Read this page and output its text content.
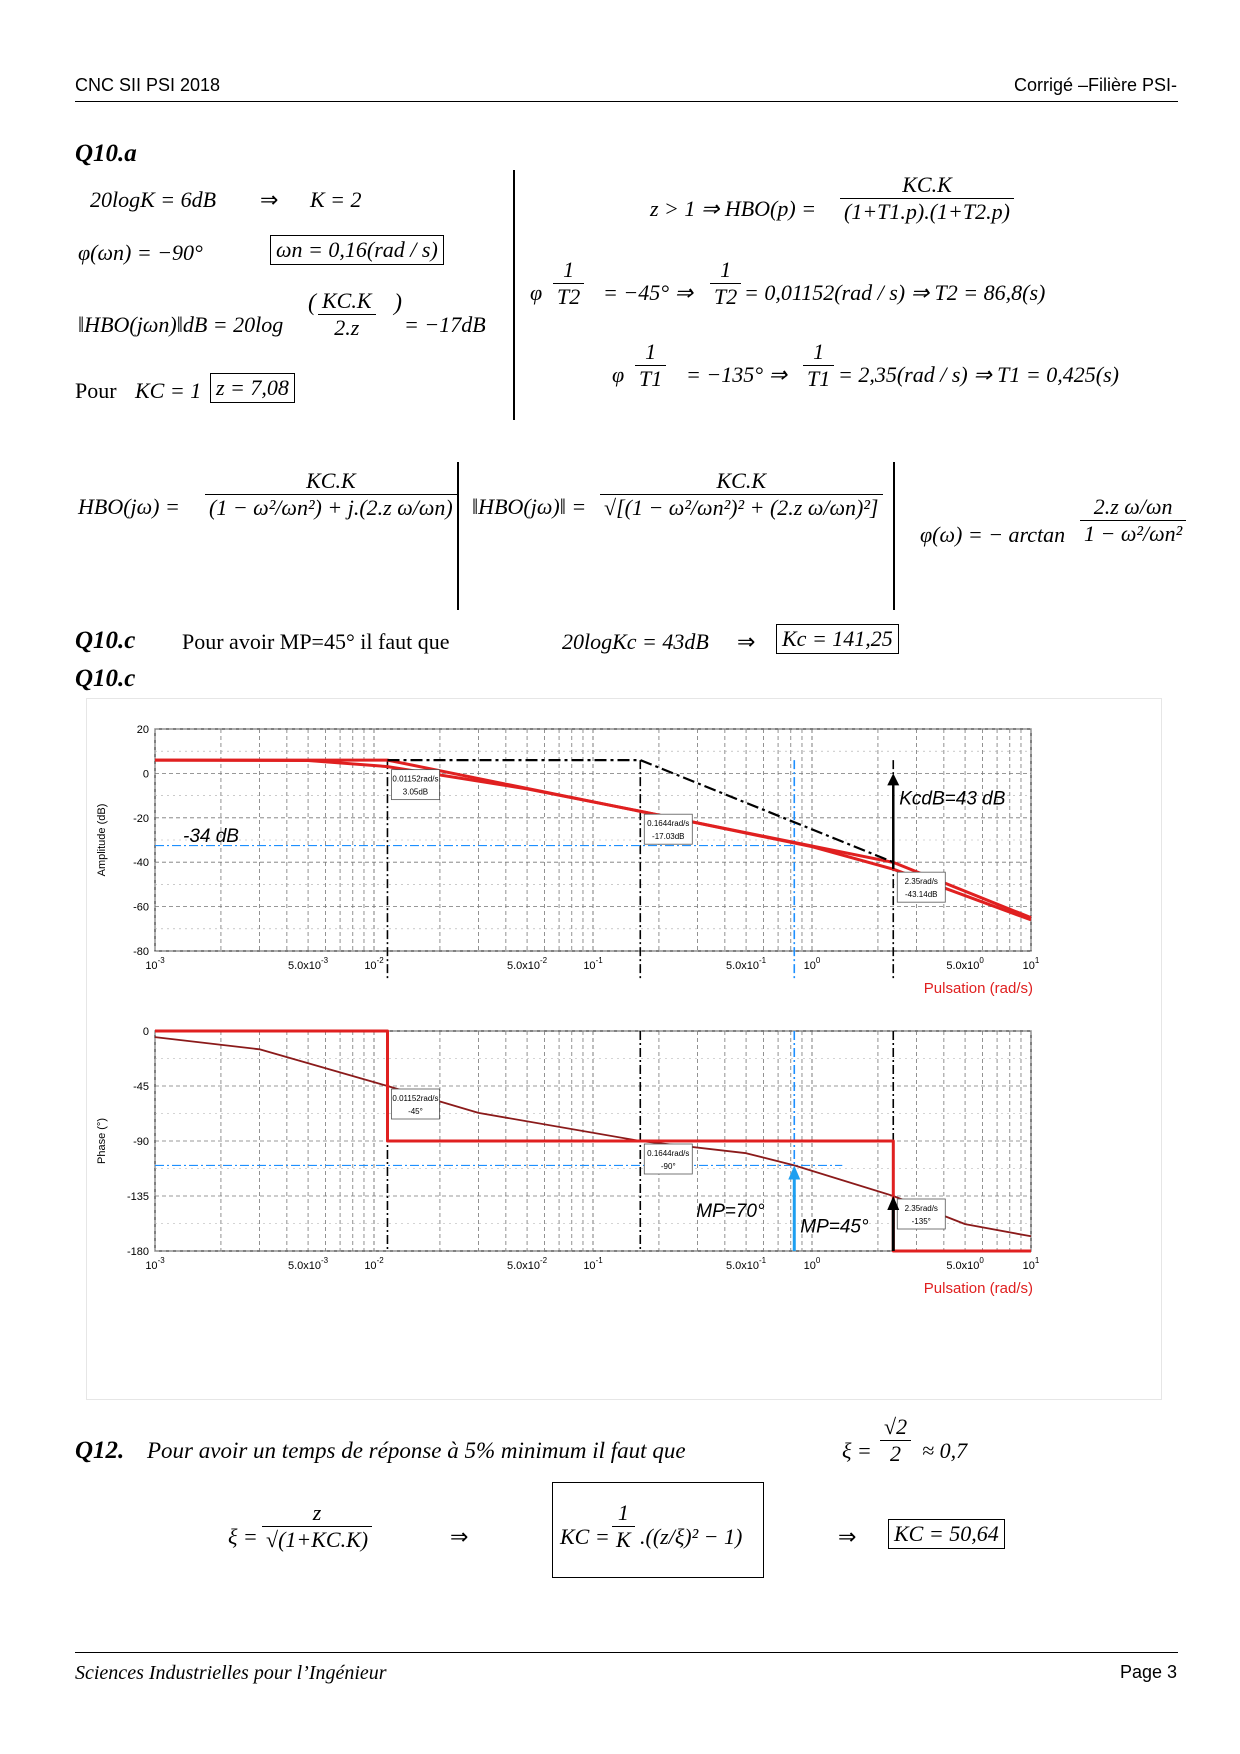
CNC SII PSI 2018	Corrigé –Filière PSI-
Q10.a
20logK = 6dB ⇒ K = 2
φ(ωn) = −90°	ωn = 0,16(rad / s)
‖HBO(jωn)‖dB = 20log
( $\frac{KC.K}{2.z}$ )
= −17dB
Pour KC = 1 z = 7,08
z > 1 ⇒ $HBO(p) = \frac{KC.K}{(1+T1.p).(1+T2.p)}$
φ $\frac{1}{T2} = -45^\circ$ ⇒ $\frac{1}{T2} = 0,01152(rad / s)$ ⇒ T2 = 86,8(s)
φ $\frac{1}{T1} = -135^\circ$ ⇒ $\frac{1}{T1} = 2,35(rad / s)$ ⇒ T1 = 0,425(s)
$HBO(j\omega) = \frac{KC.K}{\text{(1 − ω²/ωn²) + j.(2.z ω/ωn)}}$ ‖HBO(jω)‖ = $\frac{KC.K}{\text{√[(1 − ω²/ωn²)² + (2.z ω/ωn)²]}}$
φ(ω) = − $\arctan \frac{\text{2.z ω/ωn}}{\text{1 − ω²/ωn²}}$
Q10.c Pour avoir MP=45° il faut que	20logKc = 43dB ⇒ Kc = 141,25
Q10.c
20
0
-20
-40
-60
-80
$10^{-3}$	$5.0x10^{-3}$	$10^{-2}$	$5.0x10^{-2}$	$10^{-1}$	$5.0x10^{-1}$	$10^0$	$5.0x10^0$	$10^1$
Amplitude (dB)
Pulsation (rad/s)
0.01152rad/s
3.05dB
0.1644rad/s
-17.03dB
2.35rad/s
-43.14dB
KcdB=43 dB
-34 dB
0
-45
-90
-135
-180
$10^{-3}$	$5.0x10^{-3}$	$10^{-2}$	$5.0x10^{-2}$	$10^{-1}$	$5.0x10^{-1}$	$10^0$	$5.0x10^0$	$10^1$
Phase (°)
Pulsation (rad/s)
0.01152rad/s
-45°
0.1644rad/s
-90°
2.35rad/s
-135°
MP=70°
MP=45°
Q12. Pour avoir un temps de réponse à 5% minimum il faut que	$\xi = \frac{√2}{2} \approx 0,7$
$\xi = \frac{z}{√(1+KC.K)}$	⇒	KC = $\frac{1}{K} .((z/\xi)^2 - 1)$	⇒ KC = 50,64
Sciences Industrielles pour l’Ingénieur	Page 3
